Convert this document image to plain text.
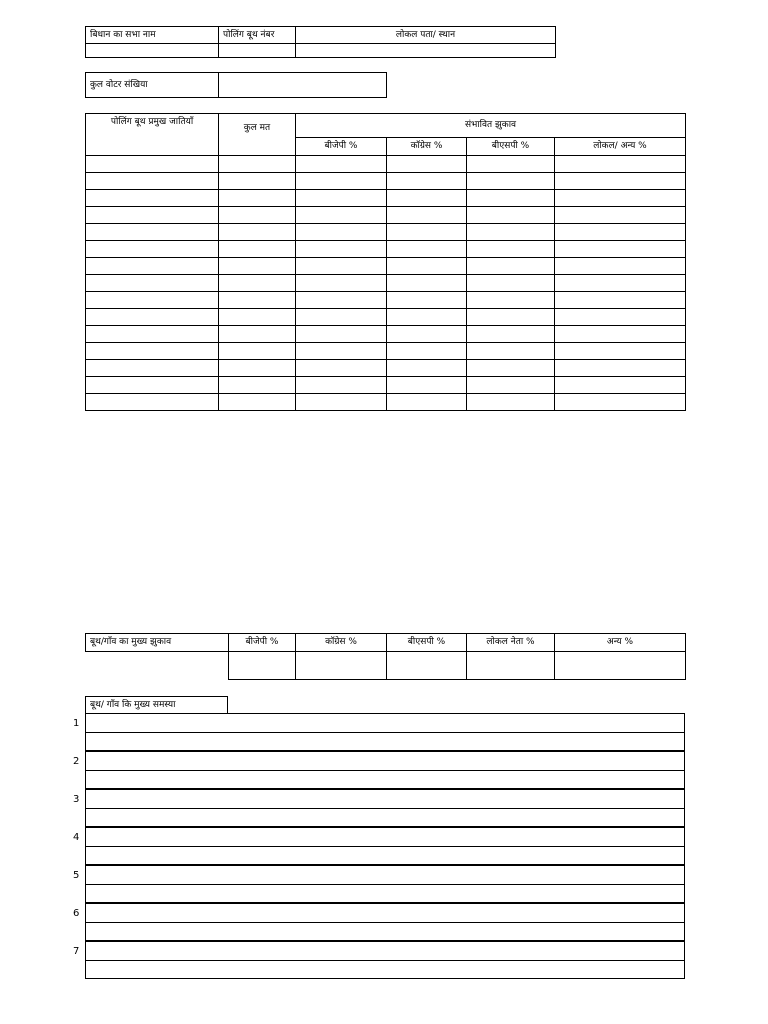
बिधान का सभा नाम	पोलिंग बूथ नंबर	लोकल पता/ स्थान

कुल वोटर संखिया	
पोलिंग बूथ प्रमुख जातियाँ	कुल मत	संभावित झुकाव			
		बीजेपी %	कॉग्रेस %	बीएसपी %	लोकल/ अन्य %

बूथ/गाँव का मुख्य झुकाव	बीजेपी %	कॉग्रेस %	बीएसपी %	लोकल नेता %	अन्य %

बूथ/ गाँव कि मुख्य समस्या
1
2
3
4
5
6
7
